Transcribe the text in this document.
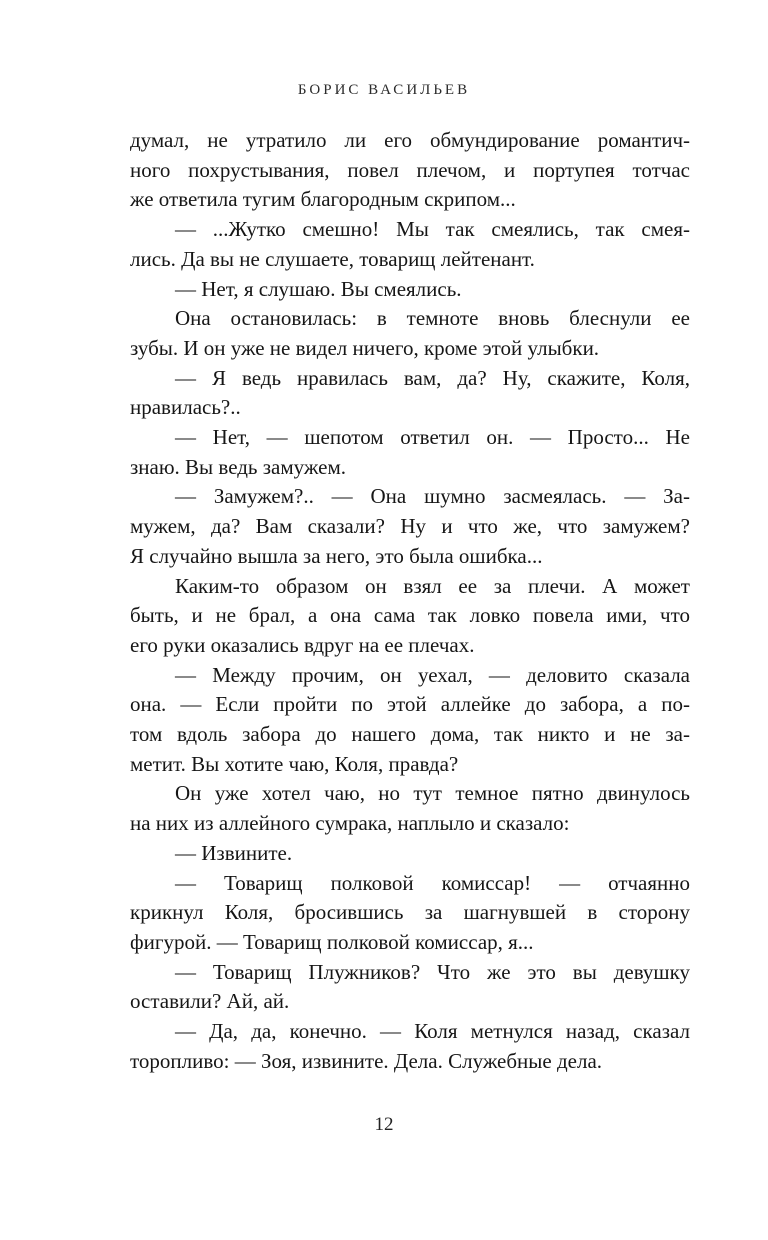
БОРИС ВАСИЛЬЕВ
думал, не утратило ли его обмундирование романтич-
ного похрустывания, повел плечом, и портупея тотчас
же ответила тугим благородным скрипом...
— ...Жутко смешно! Мы так смеялись, так смея-
лись. Да вы не слушаете, товарищ лейтенант.
— Нет, я слушаю. Вы смеялись.
Она остановилась: в темноте вновь блеснули ее
зубы. И он уже не видел ничего, кроме этой улыбки.
— Я ведь нравилась вам, да? Ну, скажите, Коля,
нравилась?..
— Нет, — шепотом ответил он. — Просто... Не
знаю. Вы ведь замужем.
— Замужем?.. — Она шумно засмеялась. — За-
мужем, да? Вам сказали? Ну и что же, что замужем?
Я случайно вышла за него, это была ошибка...
Каким-то образом он взял ее за плечи. А может
быть, и не брал, а она сама так ловко повела ими, что
его руки оказались вдруг на ее плечах.
— Между прочим, он уехал, — деловито сказала
она. — Если пройти по этой аллейке до забора, а по-
том вдоль забора до нашего дома, так никто и не за-
метит. Вы хотите чаю, Коля, правда?
Он уже хотел чаю, но тут темное пятно двинулось
на них из аллейного сумрака, наплыло и сказало:
— Извините.
— Товарищ полковой комиссар! — отчаянно
крикнул Коля, бросившись за шагнувшей в сторону
фигурой. — Товарищ полковой комиссар, я...
— Товарищ Плужников? Что же это вы девушку
оставили? Ай, ай.
— Да, да, конечно. — Коля метнулся назад, сказал
торопливо: — Зоя, извините. Дела. Служебные дела.
12
